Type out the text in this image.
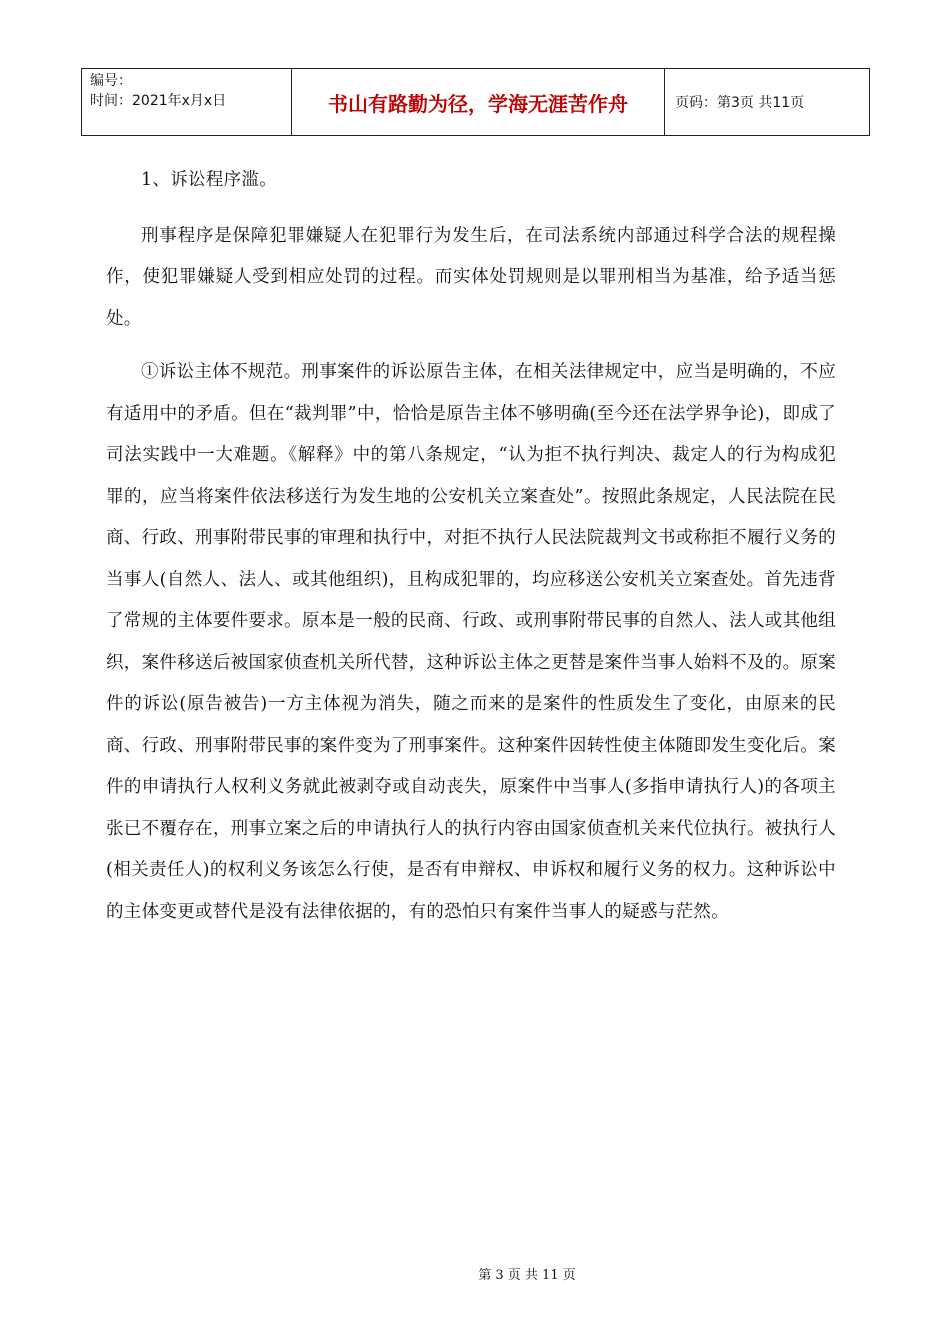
编号：
时间：2021年x月x日	书山有路勤为径，学海无涯苦作舟	页码：第3页 共11页

1、诉讼程序滥。

刑事程序是保障犯罪嫌疑人在犯罪行为发生后，在司法系统内部通过科学合法的规程操作，使犯罪嫌疑人受到相应处罚的过程。而实体处罚规则是以罪刑相当为基准，给予适当惩处。

①诉讼主体不规范。刑事案件的诉讼原告主体，在相关法律规定中，应当是明确的，不应有适用中的矛盾。但在“裁判罪”中，恰恰是原告主体不够明确(至今还在法学界争论)，即成了司法实践中一大难题。《解释》中的第八条规定，“认为拒不执行判决、裁定人的行为构成犯罪的，应当将案件依法移送行为发生地的公安机关立案查处”。按照此条规定，人民法院在民商、行政、刑事附带民事的审理和执行中，对拒不执行人民法院裁判文书或称拒不履行义务的当事人(自然人、法人、或其他组织)，且构成犯罪的，均应移送公安机关立案查处。首先违背了常规的主体要件要求。原本是一般的民商、行政、或刑事附带民事的自然人、法人或其他组织，案件移送后被国家侦查机关所代替，这种诉讼主体之更替是案件当事人始料不及的。原案件的诉讼(原告被告)一方主体视为消失，随之而来的是案件的性质发生了变化，由原来的民商、行政、刑事附带民事的案件变为了刑事案件。这种案件因转性使主体随即发生变化后。案件的申请执行人权利义务就此被剥夺或自动丧失，原案件中当事人(多指申请执行人)的各项主张已不覆存在，刑事立案之后的申请执行人的执行内容由国家侦查机关来代位执行。被执行人(相关责任人)的权利义务该怎么行使，是否有申辩权、申诉权和履行义务的权力。这种诉讼中的主体变更或替代是没有法律依据的，有的恐怕只有案件当事人的疑惑与茫然。

第 3 页 共 11 页
